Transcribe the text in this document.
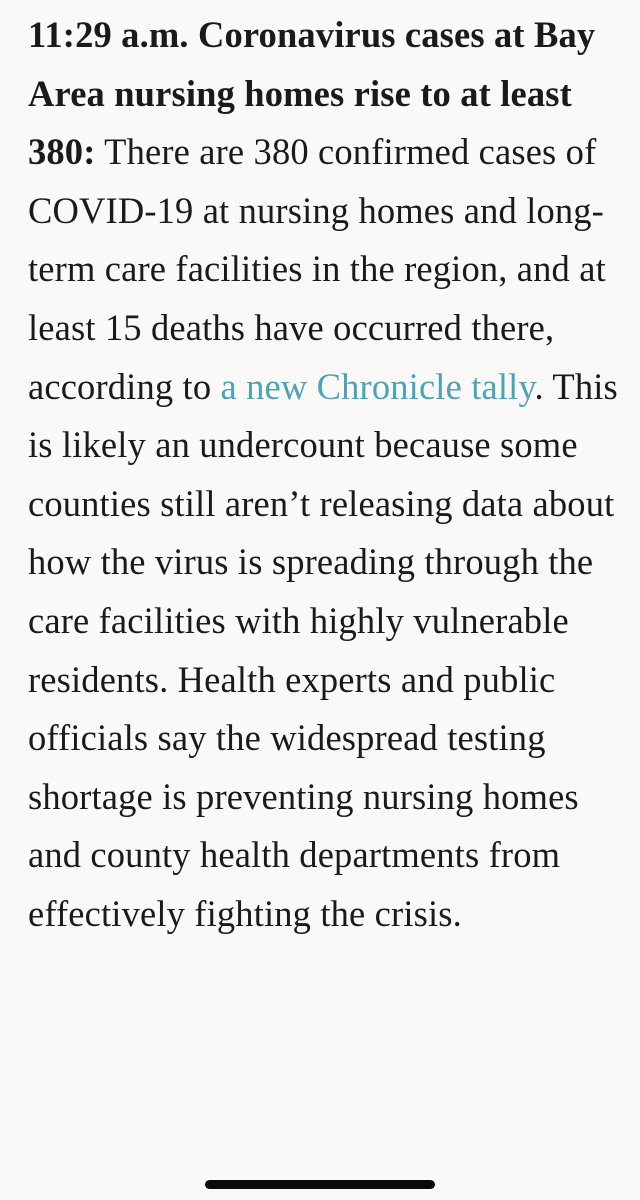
11:29 a.m. Coronavirus cases at Bay Area nursing homes rise to at least 380: There are 380 confirmed cases of COVID-19 at nursing homes and long-term care facilities in the region, and at least 15 deaths have occurred there, according to a new Chronicle tally. This is likely an undercount because some counties still aren’t releasing data about how the virus is spreading through the care facilities with highly vulnerable residents. Health experts and public officials say the widespread testing shortage is preventing nursing homes and county health departments from effectively fighting the crisis.
